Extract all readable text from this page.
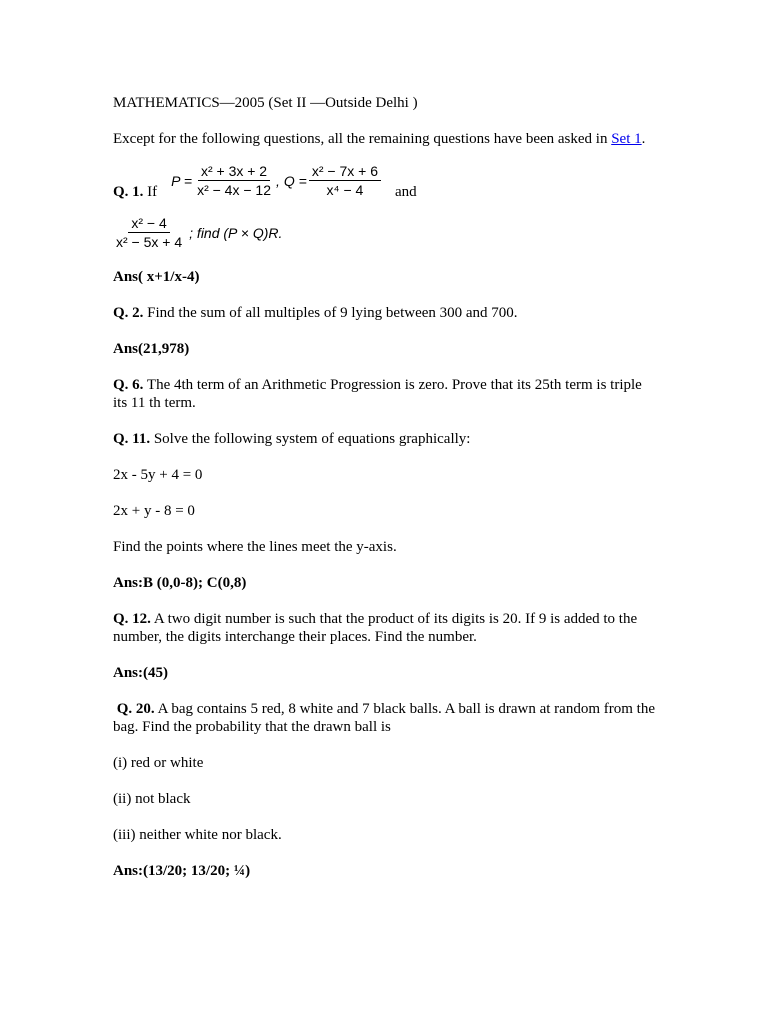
MATHEMATICS—2005 (Set II —Outside Delhi )

Except for the following questions, all the remaining questions have been asked in Set 1.

Q. 1. If
$P = \frac{\text{x² + 3x + 2}}{\text{x² − 4x − 12}}$ , $Q = \frac{\text{x² − 7x + 6}}{\text{x⁴ − 4}}$ and
$\frac{\text{x² − 4}}{\text{x² − 5x + 4}}$ ; find (P × Q)R.

Ans( x+1/x-4)

Q. 2. Find the sum of all multiples of 9 lying between 300 and 700.

Ans(21,978)

Q. 6. The 4th term of an Arithmetic Progression is zero. Prove that its 25th term is triple its 11 th term.

Q. 11. Solve the following system of equations graphically:

2x - 5y + 4 = 0

2x + y - 8 = 0

Find the points where the lines meet the y-axis.

Ans:B (0,0-8); C(0,8)

Q. 12. A two digit number is such that the product of its digits is 20. If 9 is added to the number, the digits interchange their places. Find the number.

Ans:(45)

Q. 20. A bag contains 5 red, 8 white and 7 black balls. A ball is drawn at random from the bag. Find the probability that the drawn ball is

(i) red or white

(ii) not black

(iii) neither white nor black.

Ans:(13/20; 13/20; ¼)
